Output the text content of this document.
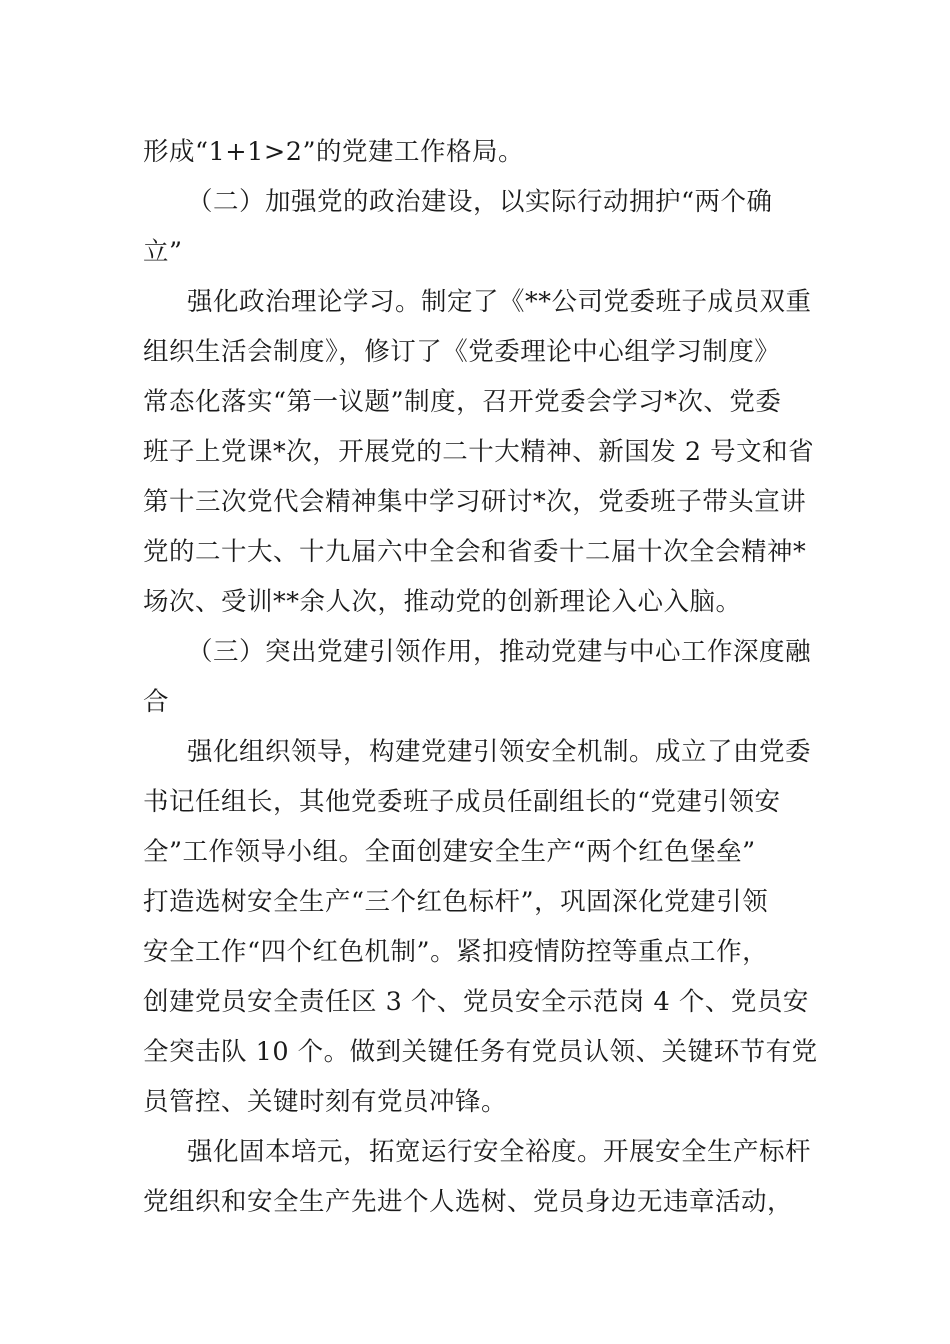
形成“1+1>2”的党建工作格局。
（二）加强党的政治建设，以实际行动拥护“两个确
立”
强化政治理论学习。制定了《**公司党委班子成员双重
组织生活会制度》，修订了《党委理论中心组学习制度》
常态化落实“第一议题”制度，召开党委会学习*次、党委
班子上党课*次，开展党的二十大精神、新国发 2 号文和省
第十三次党代会精神集中学习研讨*次，党委班子带头宣讲
党的二十大、十九届六中全会和省委十二届十次全会精神*
场次、受训**余人次，推动党的创新理论入心入脑。
（三）突出党建引领作用，推动党建与中心工作深度融
合
强化组织领导，构建党建引领安全机制。成立了由党委
书记任组长，其他党委班子成员任副组长的“党建引领安
全”工作领导小组。全面创建安全生产“两个红色堡垒”
打造选树安全生产“三个红色标杆”，巩固深化党建引领
安全工作“四个红色机制”。紧扣疫情防控等重点工作，
创建党员安全责任区 3 个、党员安全示范岗 4 个、党员安
全突击队 10 个。做到关键任务有党员认领、关键环节有党
员管控、关键时刻有党员冲锋。
强化固本培元，拓宽运行安全裕度。开展安全生产标杆
党组织和安全生产先进个人选树、党员身边无违章活动，
